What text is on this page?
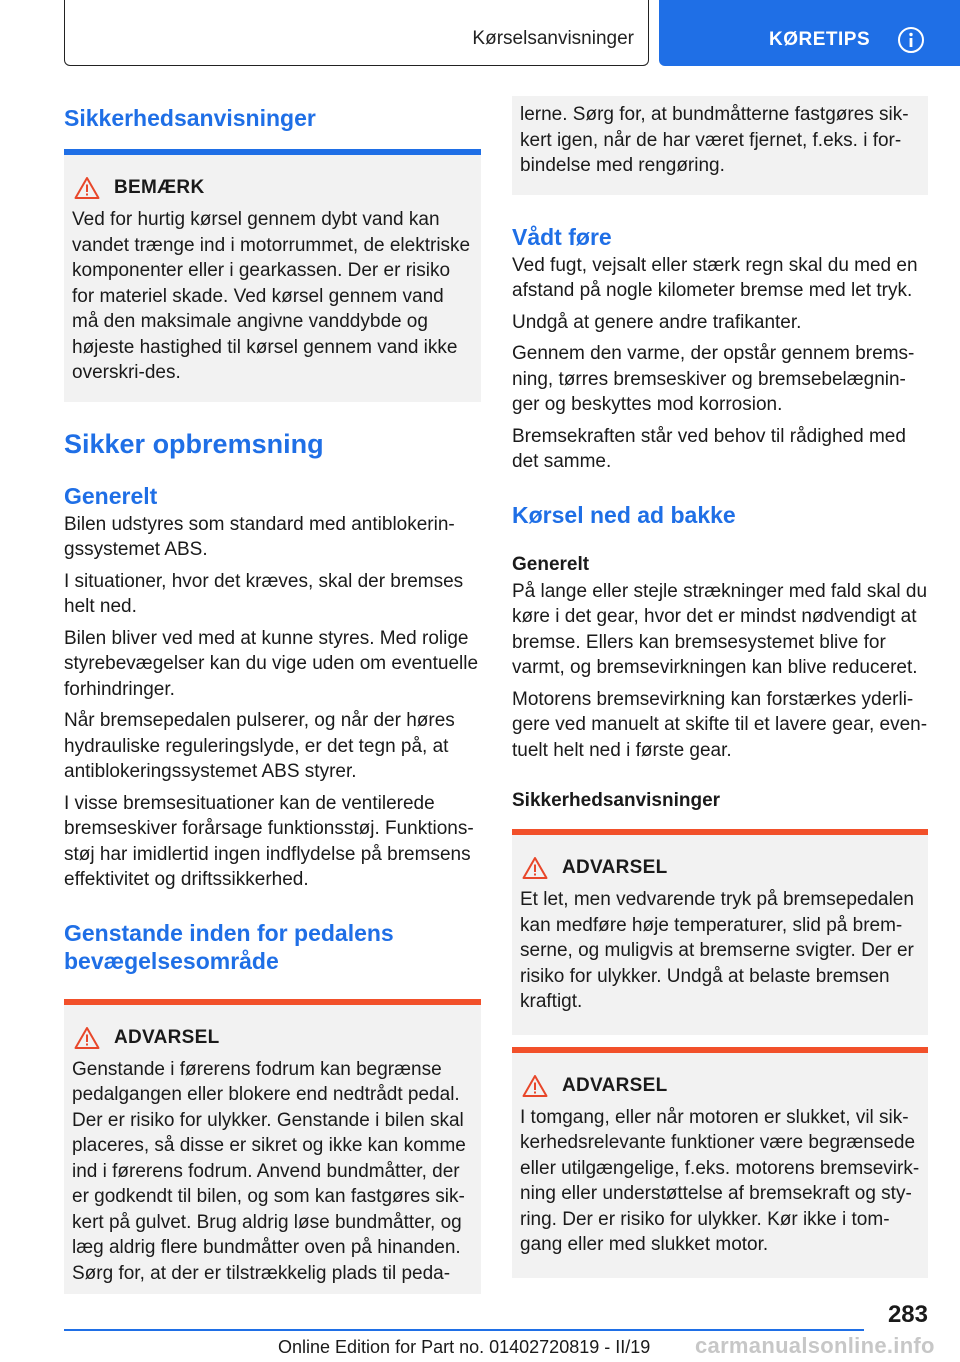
Kørselsanvisninger	KØRETIPS
Sikkerhedsanvisninger
BEMÆRK

Ved for hurtig kørsel gennem dybt vand kan vandet trænge ind i motorrummet, de elektriske komponenter eller i gearkassen. Der er risiko for materiel skade. Ved kørsel gennem vand må den maksimale angivne vanddybde og højeste hastighed til kørsel gennem vand ikke overskri-des.

Sikker opbremsning
Generelt

Bilen udstyres som standard med antiblokerin-gssystemet ABS.

I situationer, hvor det kræves, skal der bremses helt ned.

Bilen bliver ved med at kunne styres. Med rolige styrebevægelser kan du vige uden om eventuelle forhindringer.

Når bremsepedalen pulserer, og når der høres hydrauliske reguleringslyde, er det tegn på, at antiblokeringssystemet ABS styrer.

I visse bremsesituationer kan de ventilerede bremseskiver forårsage funktionsstøj. Funktions-støj har imidlertid ingen indflydelse på bremsens effektivitet og driftssikkerhed.

Genstande inden for pedalens bevægelsesområde
ADVARSEL

Genstande i førerens fodrum kan begrænse pedalgangen eller blokere end nedtrådt pedal. Der er risiko for ulykker. Genstande i bilen skal placeres, så disse er sikret og ikke kan komme ind i førerens fodrum. Anvend bundmåtter, der er godkendt til bilen, og som kan fastgøres sik-kert på gulvet. Brug aldrig løse bundmåtter, og læg aldrig flere bundmåtter oven på hinanden. Sørg for, at der er tilstrækkelig plads til peda-

lerne. Sørg for, at bundmåtterne fastgøres sik-kert igen, når de har været fjernet, f.eks. i for-bindelse med rengøring.

Vådt føre

Ved fugt, vejsalt eller stærk regn skal du med en afstand på nogle kilometer bremse med let tryk.

Undgå at genere andre trafikanter.

Gennem den varme, der opstår gennem brems-ning, tørres bremseskiver og bremsebelægnin-ger og beskyttes mod korrosion.

Bremsekraften står ved behov til rådighed med det samme.

Kørsel ned ad bakke
Generelt

På lange eller stejle strækninger med fald skal du køre i det gear, hvor det er mindst nødvendigt at bremse. Ellers kan bremsesystemet blive for varmt, og bremsevirkningen kan blive reduceret.

Motorens bremsevirkning kan forstærkes yderli-gere ved manuelt at skifte til et lavere gear, even-tuelt helt ned i første gear.

Sikkerhedsanvisninger
ADVARSEL

Et let, men vedvarende tryk på bremsepedalen kan medføre høje temperaturer, slid på brem-serne, og muligvis at bremserne svigter. Der er risiko for ulykker. Undgå at belaste bremsen kraftigt.

ADVARSEL

I tomgang, eller når motoren er slukket, vil sik-kerhedsrelevante funktioner være begrænsede eller utilgængelige, f.eks. motorens bremsevirk-ning eller understøttelse af bremsekraft og sty-ring. Der er risiko for ulykker. Kør ikke i tom-gang eller med slukket motor.

283
Online Edition for Part no. 01402720819 - II/19 carmanualsonline.info
